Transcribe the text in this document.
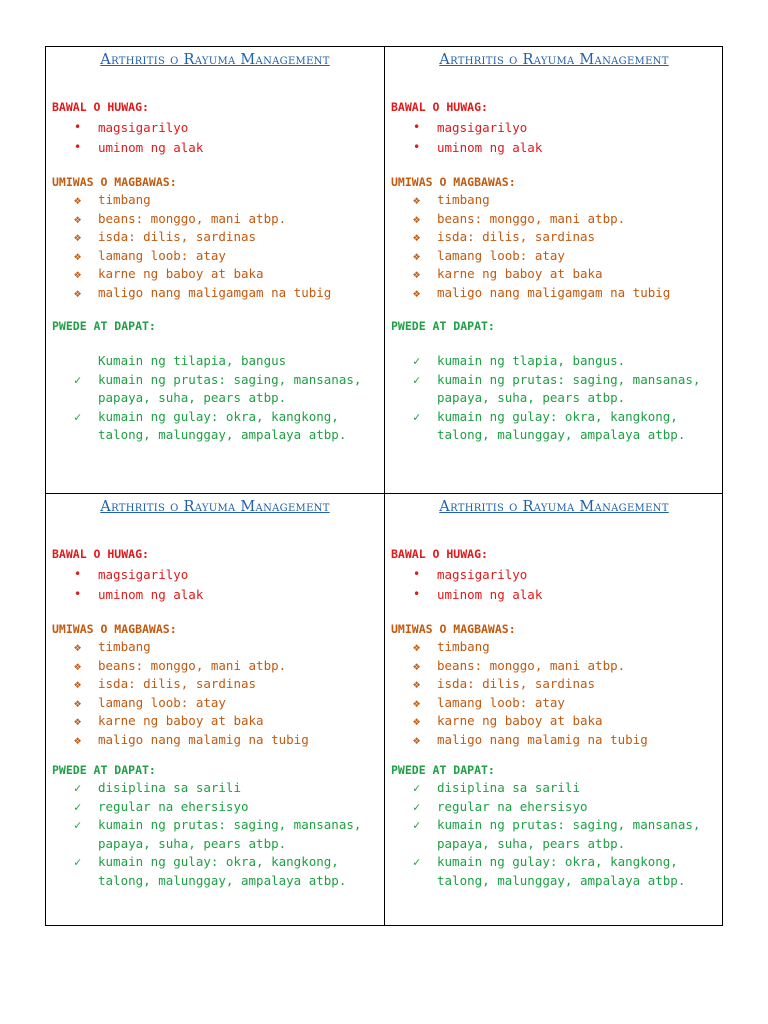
Arthritis o Rayuma Management
BAWAL O HUWAG:
• magsigarilyo
• uminom ng alak
UMIWAS O MAGBAWAS:
❖ timbang
❖ beans: monggo, mani atbp.
❖ isda: dilis, sardinas
❖ lamang loob: atay
❖ karne ng baboy at baka
❖ maligo nang maligamgam na tubig
PWEDE AT DAPAT:
Kumain ng tilapia, bangus
✓ kumain ng prutas: saging, mansanas, papaya, suha, pears atbp.
✓ kumain ng gulay: okra, kangkong, talong, malunggay, ampalaya atbp.
Arthritis o Rayuma Management
BAWAL O HUWAG:
• magsigarilyo
• uminom ng alak
UMIWAS O MAGBAWAS:
❖ timbang
❖ beans: monggo, mani atbp.
❖ isda: dilis, sardinas
❖ lamang loob: atay
❖ karne ng baboy at baka
❖ maligo nang maligamgam na tubig
PWEDE AT DAPAT:
✓ kumain ng tlapia, bangus.
✓ kumain ng prutas: saging, mansanas, papaya, suha, pears atbp.
✓ kumain ng gulay: okra, kangkong, talong, malunggay, ampalaya atbp.
Arthritis o Rayuma Management
BAWAL O HUWAG:
• magsigarilyo
• uminom ng alak
UMIWAS O MAGBAWAS:
❖ timbang
❖ beans: monggo, mani atbp.
❖ isda: dilis, sardinas
❖ lamang loob: atay
❖ karne ng baboy at baka
❖ maligo nang malamig na tubig
PWEDE AT DAPAT:
✓ disiplina sa sarili
✓ regular na ehersisyo
✓ kumain ng prutas: saging, mansanas, papaya, suha, pears atbp.
✓ kumain ng gulay: okra, kangkong, talong, malunggay, ampalaya atbp.
Arthritis o Rayuma Management
BAWAL O HUWAG:
• magsigarilyo
• uminom ng alak
UMIWAS O MAGBAWAS:
❖ timbang
❖ beans: monggo, mani atbp.
❖ isda: dilis, sardinas
❖ lamang loob: atay
❖ karne ng baboy at baka
❖ maligo nang malamig na tubig
PWEDE AT DAPAT:
✓ disiplina sa sarili
✓ regular na ehersisyo
✓ kumain ng prutas: saging, mansanas, papaya, suha, pears atbp.
✓ kumain ng gulay: okra, kangkong, talong, malunggay, ampalaya atbp.
